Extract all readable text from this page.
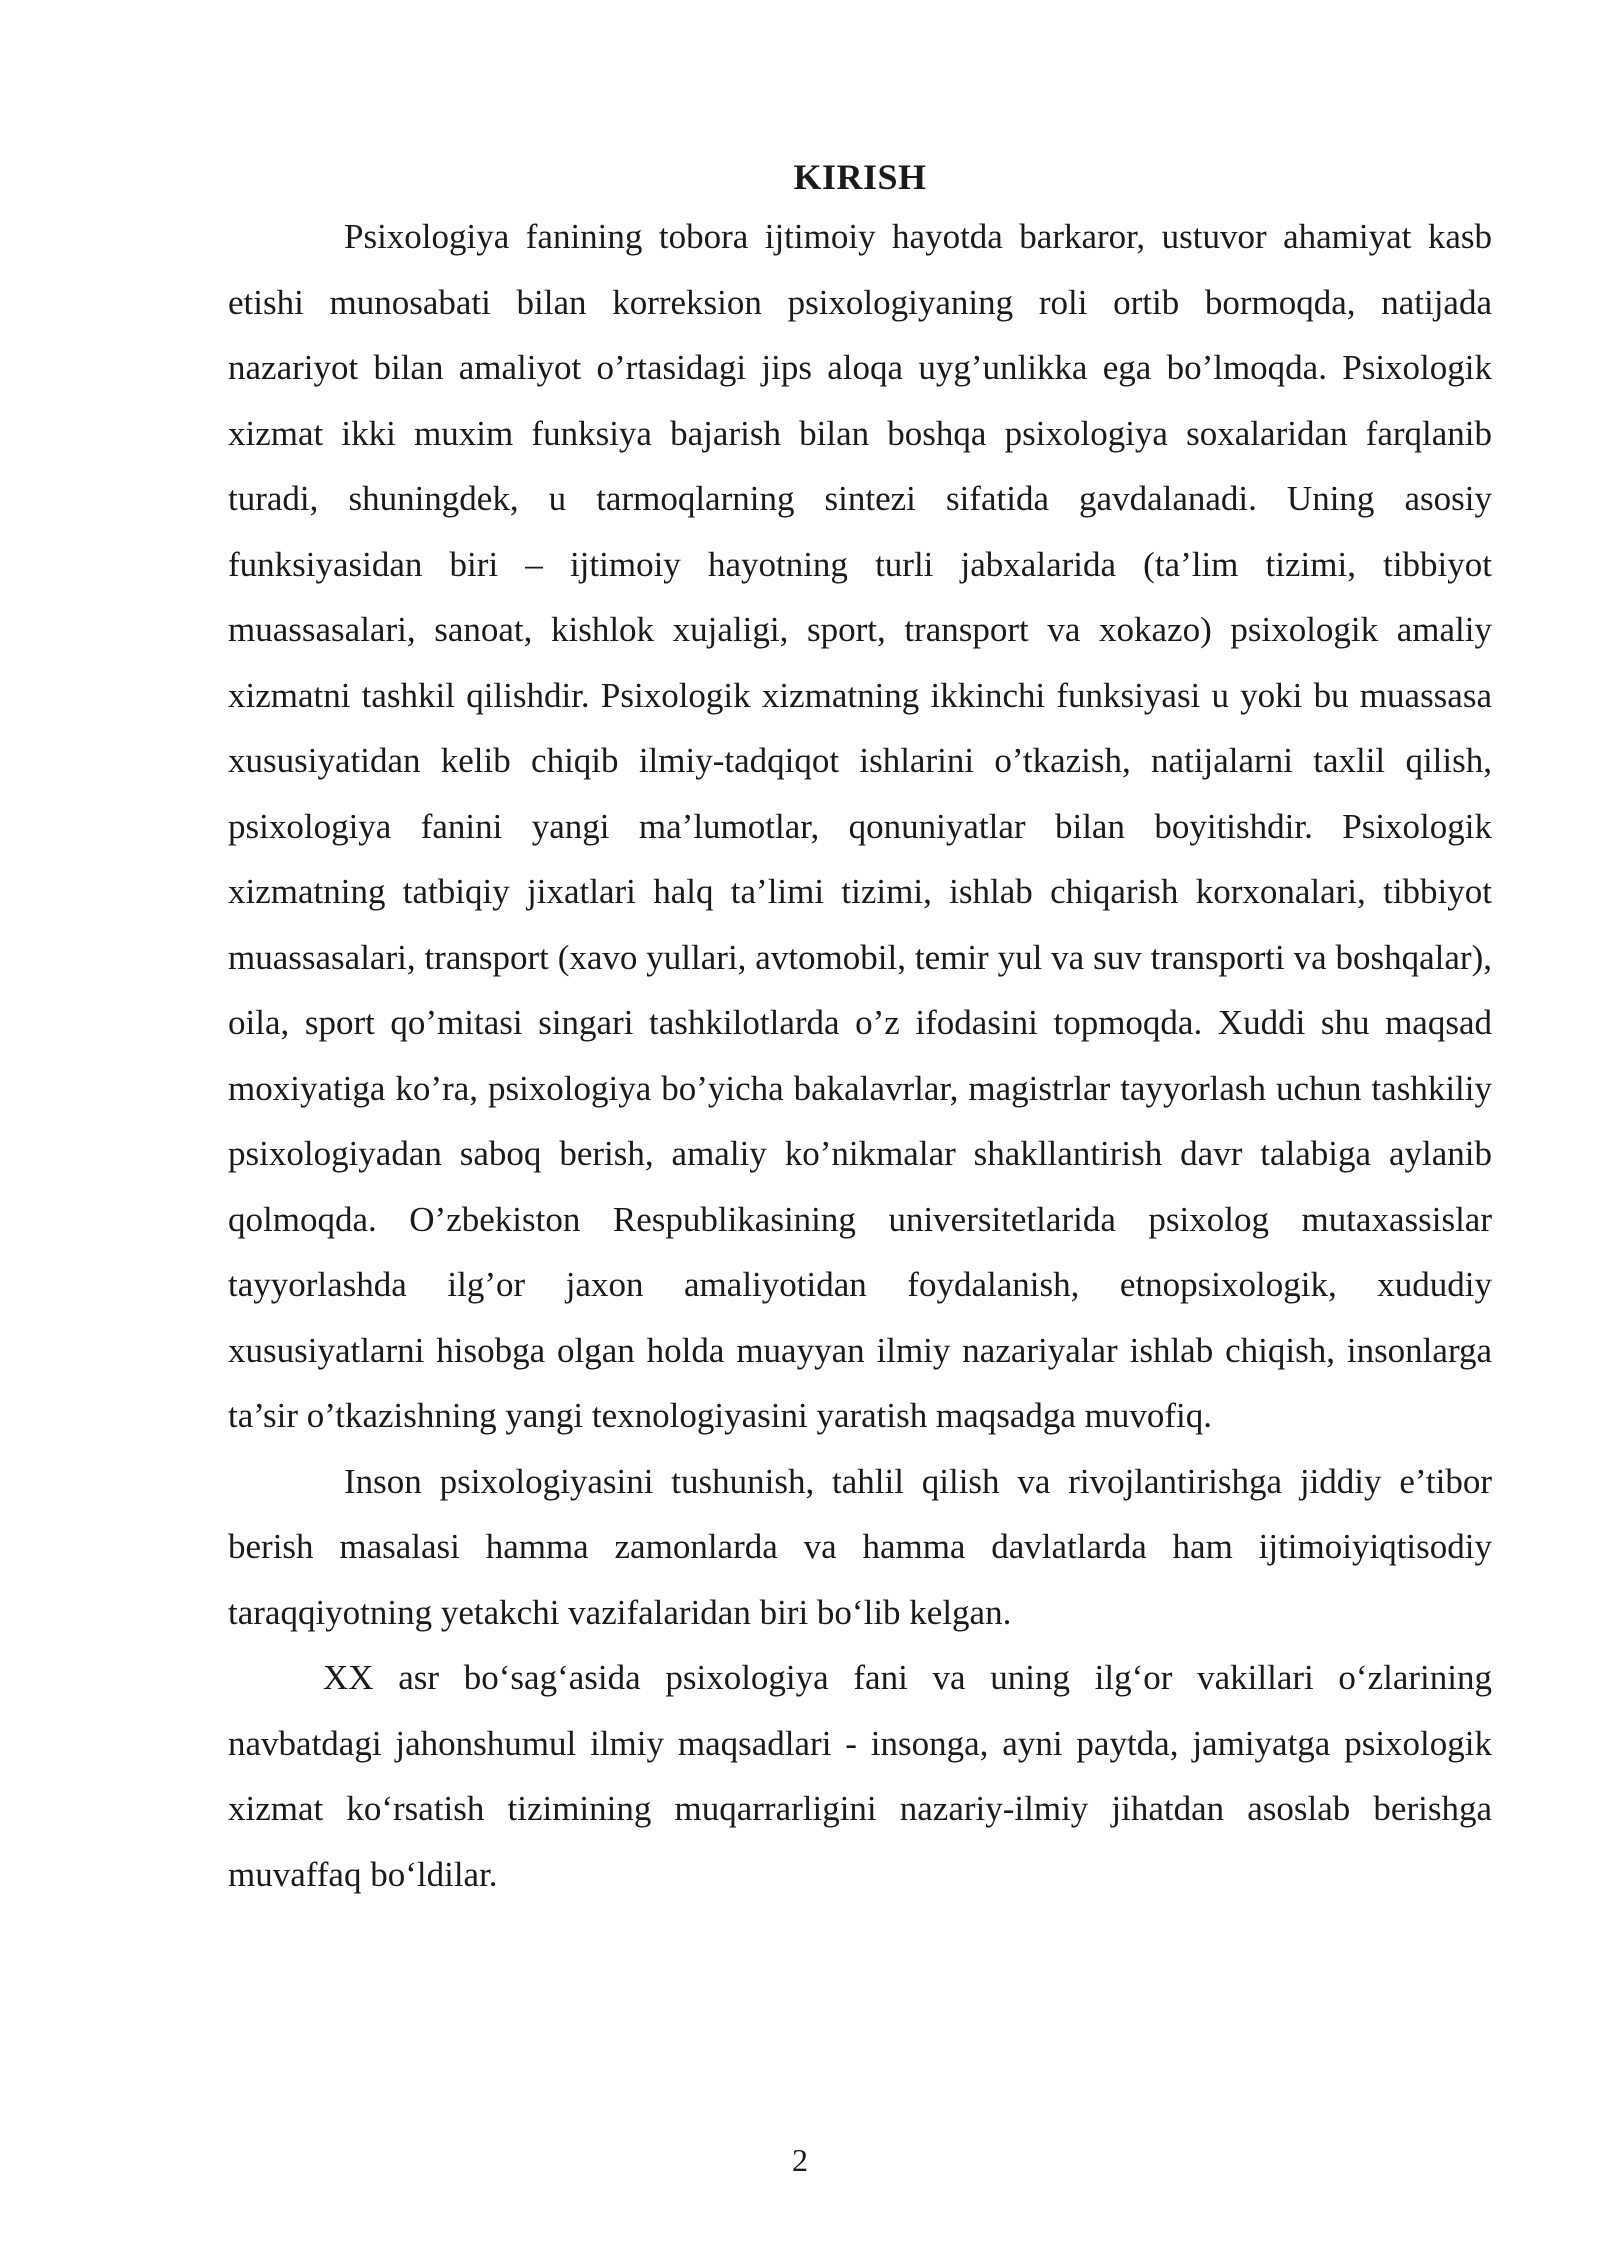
KIRISH

Psixologiya fanining tobora ijtimoiy hayotda barkaror, ustuvor ahamiyat kasb etishi munosabati bilan korreksion psixologiyaning roli ortib bormoqda, natijada nazariyot bilan amaliyot o’rtasidagi jips aloqa uyg’unlikka ega bo’lmoqda. Psixologik xizmat ikki muxim funksiya bajarish bilan boshqa psixologiya soxalaridan farqlanib turadi, shuningdek, u tarmoqlarning sintezi sifatida gavdalanadi. Uning asosiy funksiyasidan biri – ijtimoiy hayotning turli jabxalarida (ta’lim tizimi, tibbiyot muassasalari, sanoat, kishlok xujaligi, sport, transport va xokazo) psixologik amaliy xizmatni tashkil qilishdir. Psixologik xizmatning ikkinchi funksiyasi u yoki bu muassasa xususiyatidan kelib chiqib ilmiy-tadqiqot ishlarini o’tkazish, natijalarni taxlil qilish, psixologiya fanini yangi ma’lumotlar, qonuniyatlar bilan boyitishdir. Psixologik xizmatning tatbiqiy jixatlari halq ta’limi tizimi, ishlab chiqarish korxonalari, tibbiyot muassasalari, transport (xavo yullari, avtomobil, temir yul va suv transporti va boshqalar), oila, sport qo’mitasi singari tashkilotlarda o’z ifodasini topmoqda. Xuddi shu maqsad moxiyatiga ko’ra, psixologiya bo’yicha bakalavrlar, magistrlar tayyorlash uchun tashkiliy psixologiyadan saboq berish, amaliy ko’nikmalar shakllantirish davr talabiga aylanib qolmoqda. O’zbekiston Respublikasining universitetlarida psixolog mutaxassislar tayyorlashda ilg’or jaxon amaliyotidan foydalanish, etnopsixologik, xududiy xususiyatlarni hisobga olgan holda muayyan ilmiy nazariyalar ishlab chiqish, insonlarga ta’sir o’tkazishning yangi texnologiyasini yaratish maqsadga muvofiq.

Inson psixologiyasini tushunish, tahlil qilish va rivojlantirishga jiddiy e’tibor berish masalasi hamma zamonlarda va hamma davlatlarda ham ijtimoiyiqtisodiy taraqqiyotning yetakchi vazifalaridan biri bo‘lib kelgan.

XX asr bo‘sag‘asida psixologiya fani va uning ilg‘or vakillari o‘zlarining navbatdagi jahonshumul ilmiy maqsadlari - insonga, ayni paytda, jamiyatga psixologik xizmat ko‘rsatish tizimining muqarrarligini nazariy-ilmiy jihatdan asoslab berishga muvaffaq bo‘ldilar.

2
